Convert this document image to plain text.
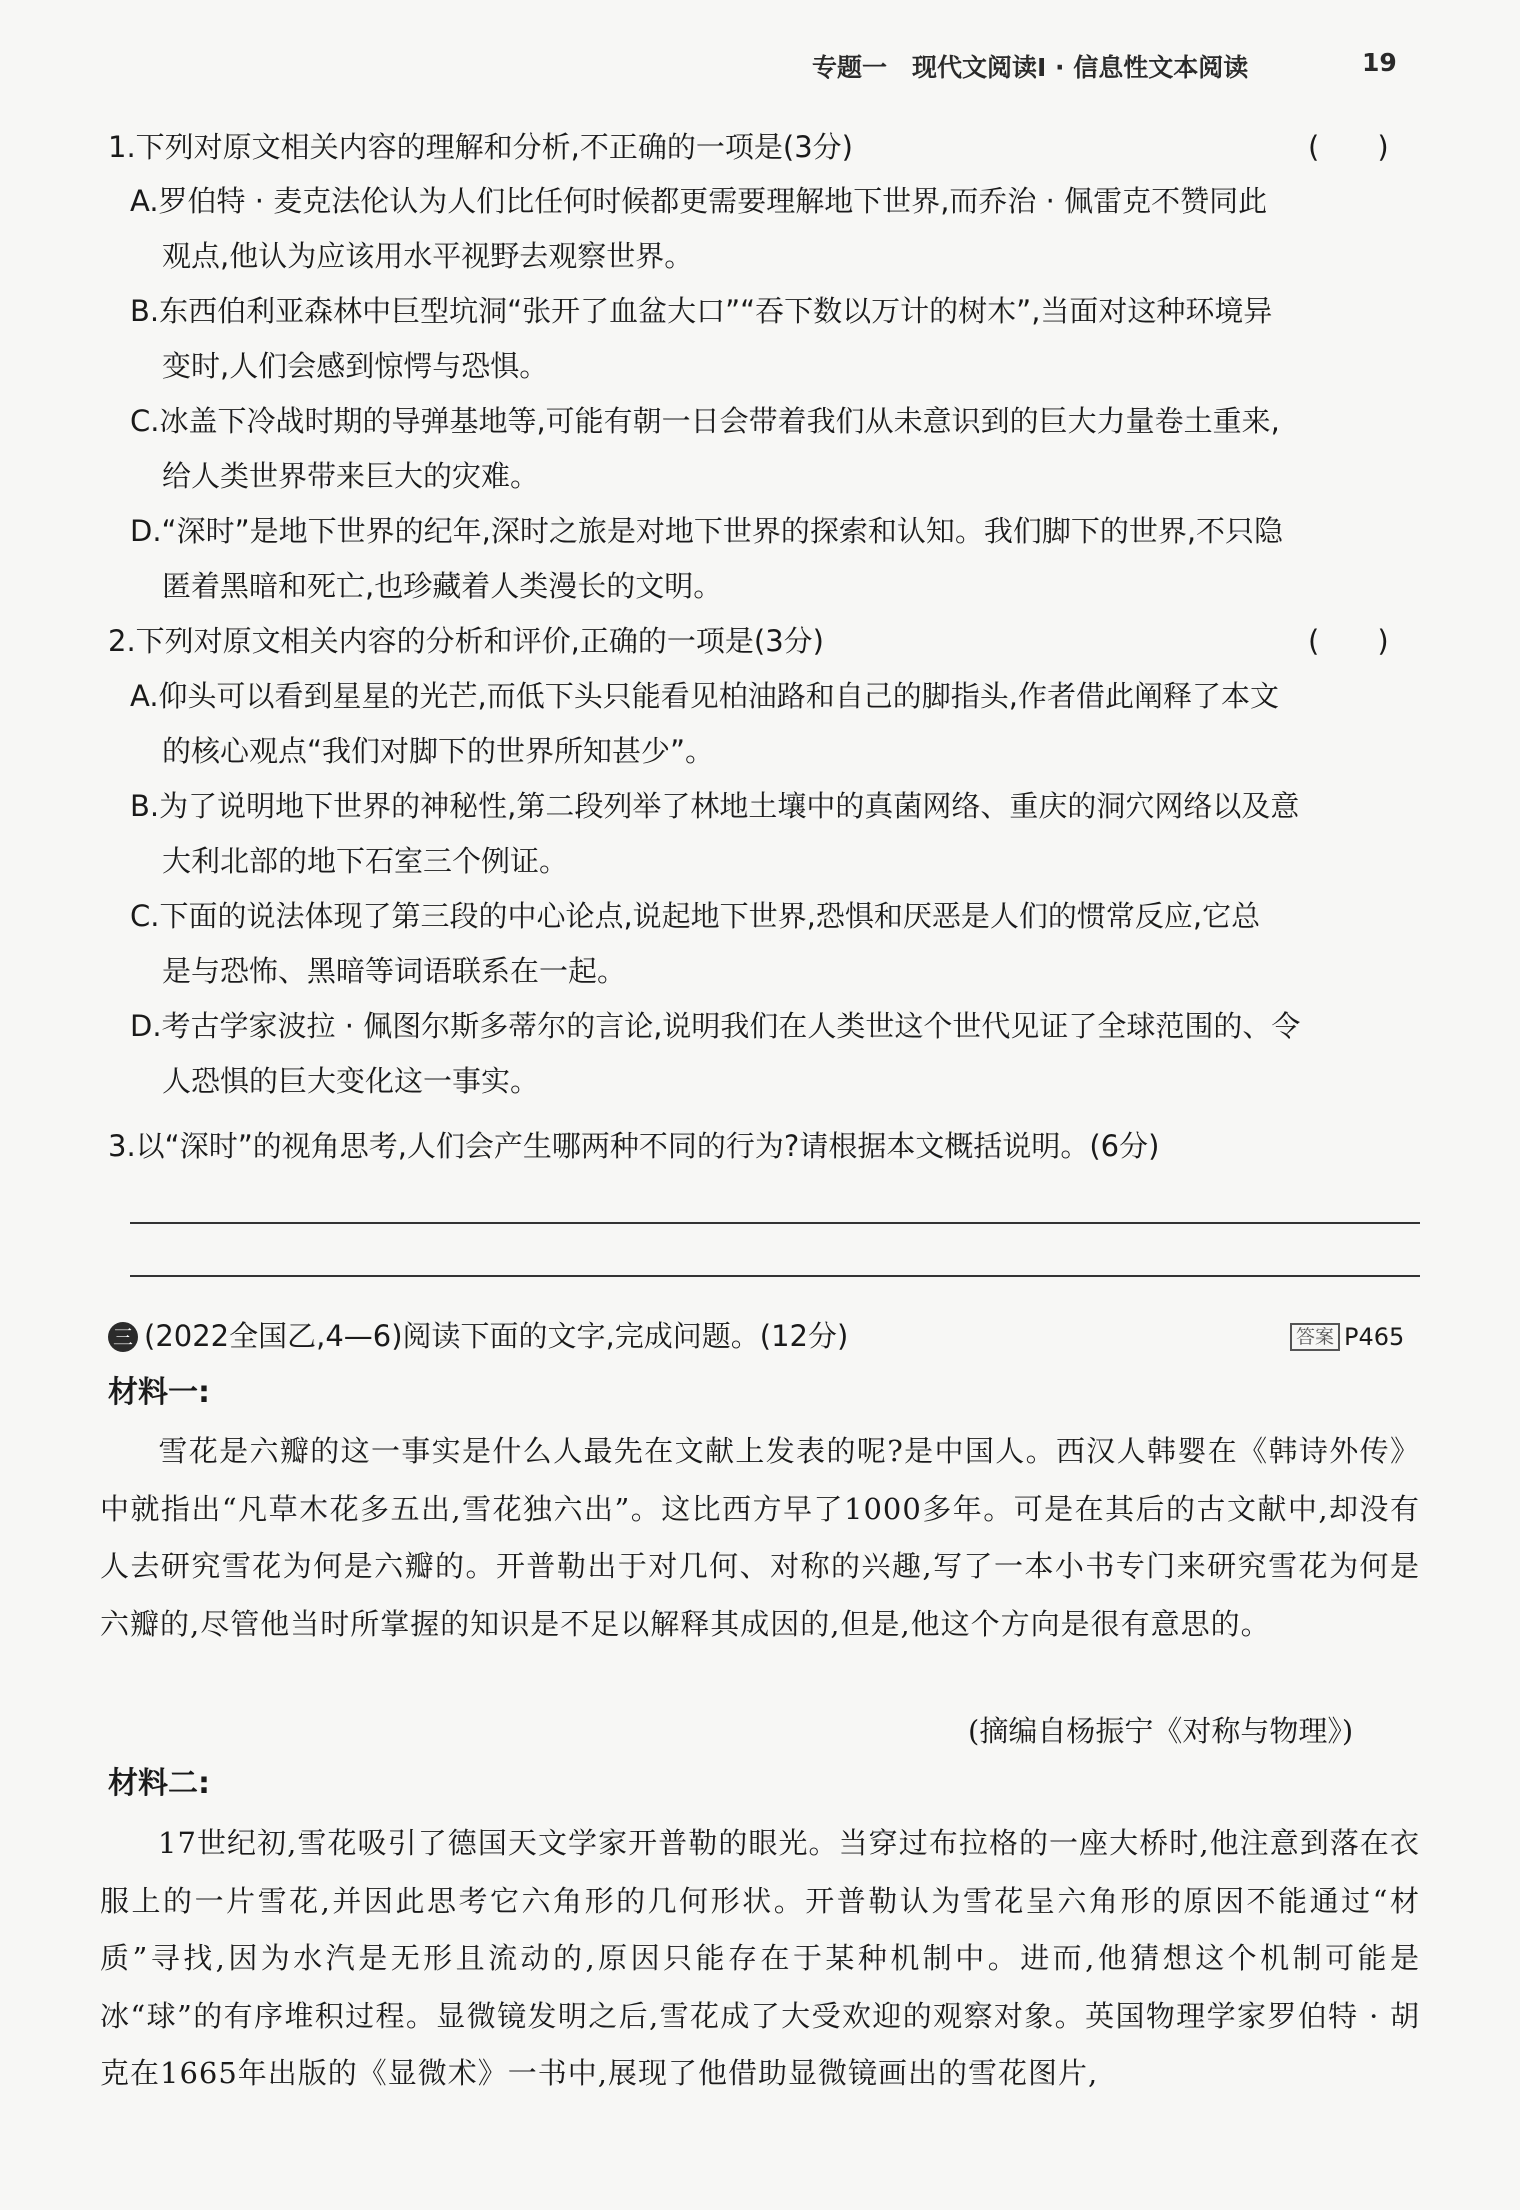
专题一　现代文阅读Ⅰ · 信息性文本阅读	19
1.下列对原文相关内容的理解和分析,不正确的一项是(3分)	(　　)
A.罗伯特 · 麦克法伦认为人们比任何时候都更需要理解地下世界,而乔治 · 佩雷克不赞同此
观点,他认为应该用水平视野去观察世界。
B.东西伯利亚森林中巨型坑洞“张开了血盆大口”“吞下数以万计的树木”,当面对这种环境异
变时,人们会感到惊愕与恐惧。
C.冰盖下冷战时期的导弹基地等,可能有朝一日会带着我们从未意识到的巨大力量卷土重来,
给人类世界带来巨大的灾难。
D.“深时”是地下世界的纪年,深时之旅是对地下世界的探索和认知。我们脚下的世界,不只隐
匿着黑暗和死亡,也珍藏着人类漫长的文明。
2.下列对原文相关内容的分析和评价,正确的一项是(3分)	(　　)
A.仰头可以看到星星的光芒,而低下头只能看见柏油路和自己的脚指头,作者借此阐释了本文
的核心观点“我们对脚下的世界所知甚少”。
B.为了说明地下世界的神秘性,第二段列举了林地土壤中的真菌网络、重庆的洞穴网络以及意
大利北部的地下石室三个例证。
C.下面的说法体现了第三段的中心论点,说起地下世界,恐惧和厌恶是人们的惯常反应,它总
是与恐怖、黑暗等词语联系在一起。
D.考古学家波拉 · 佩图尔斯多蒂尔的言论,说明我们在人类世这个世代见证了全球范围的、令
人恐惧的巨大变化这一事实。
3.以“深时”的视角思考,人们会产生哪两种不同的行为?请根据本文概括说明。(6分)
三 (2022全国乙,4—6)阅读下面的文字,完成问题。(12分)	答案 P465
材料一:

雪花是六瓣的这一事实是什么人最先在文献上发表的呢?是中国人。西汉人韩婴在《韩诗外传》中就指出“凡草木花多五出,雪花独六出”。这比西方早了1000多年。可是在其后的古文献中,却没有人去研究雪花为何是六瓣的。开普勒出于对几何、对称的兴趣,写了一本小书专门来研究雪花为何是六瓣的,尽管他当时所掌握的知识是不足以解释其成因的,但是,他这个方向是很有意思的。

(摘编自杨振宁《对称与物理》)
材料二:

17世纪初,雪花吸引了德国天文学家开普勒的眼光。当穿过布拉格的一座大桥时,他注意到落在衣服上的一片雪花,并因此思考它六角形的几何形状。开普勒认为雪花呈六角形的原因不能通过“材质”寻找,因为水汽是无形且流动的,原因只能存在于某种机制中。进而,他猜想这个机制可能是冰“球”的有序堆积过程。显微镜发明之后,雪花成了大受欢迎的观察对象。英国物理学家罗伯特 · 胡克在1665年出版的《显微术》一书中,展现了他借助显微镜画出的雪花图片,
